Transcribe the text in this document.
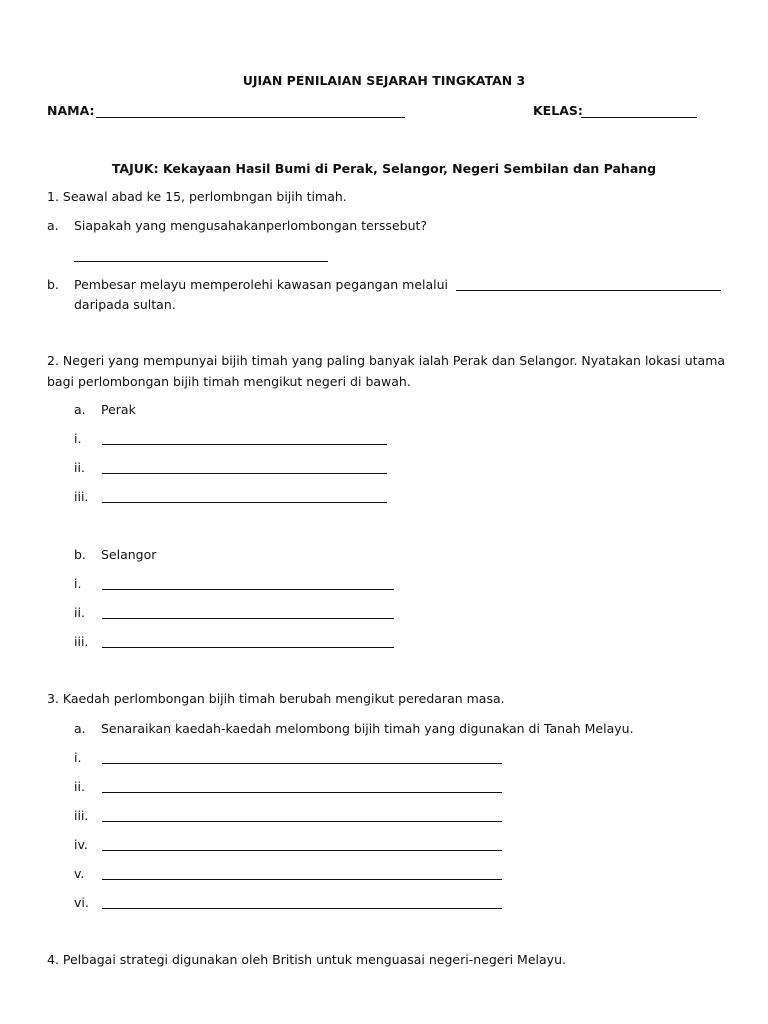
UJIAN PENILAIAN SEJARAH TINGKATAN 3
NAMA:	KELAS:
TAJUK: Kekayaan Hasil Bumi di Perak, Selangor, Negeri Sembilan dan Pahang
1. Seawal abad ke 15, perlombngan bijih timah.
a. Siapakah yang mengusahakanperlombongan terssebut?
b. Pembesar melayu memperolehi kawasan pegangan melalui
daripada sultan.
2. Negeri yang mempunyai bijih timah yang paling banyak ialah Perak dan Selangor. Nyatakan lokasi utama
bagi perlombongan bijih timah mengikut negeri di bawah.
a. Perak
i.
ii.
iii.
b. Selangor
i.
ii.
iii.
3. Kaedah perlombongan bijih timah berubah mengikut peredaran masa.
a. Senaraikan kaedah-kaedah melombong bijih timah yang digunakan di Tanah Melayu.
i.
ii.
iii.
iv.
v.
vi.
4. Pelbagai strategi digunakan oleh British untuk menguasai negeri-negeri Melayu.
